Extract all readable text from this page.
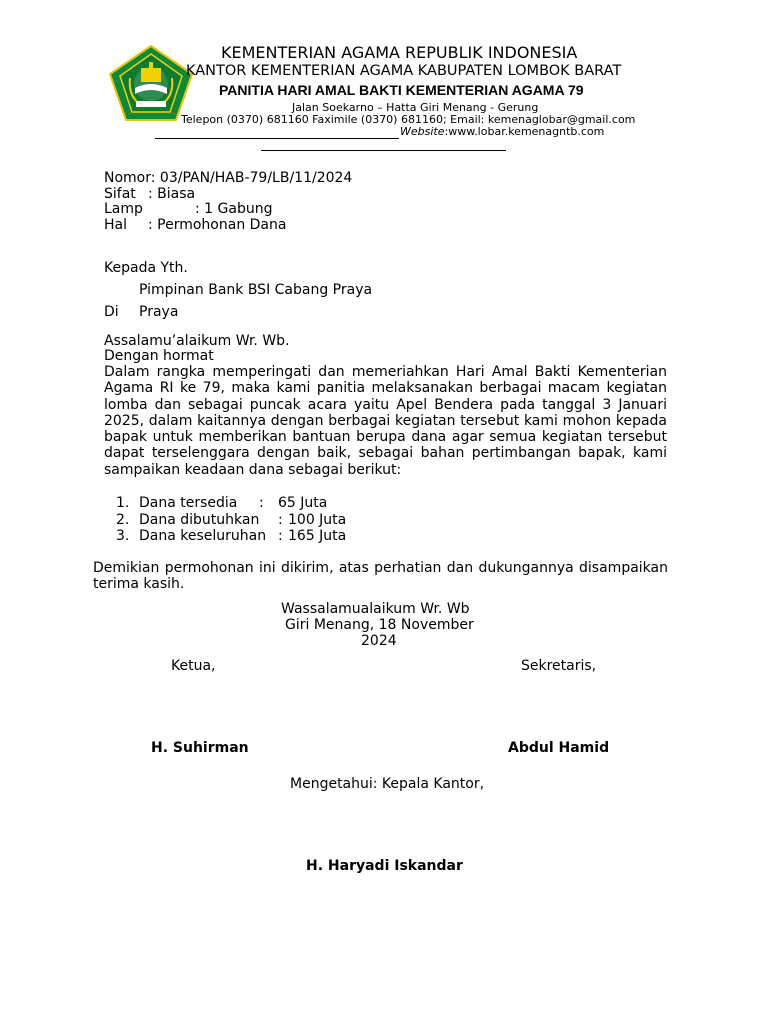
KEMENTERIAN AGAMA REPUBLIK INDONESIA
KANTOR KEMENTERIAN AGAMA KABUPATEN LOMBOK BARAT
PANITIA HARI AMAL BAKTI KEMENTERIAN AGAMA 79
Jalan Soekarno – Hatta Giri Menang - Gerung
Telepon (0370) 681160 Faximile (0370) 681160; Email: kemenaglobar@gmail.com
Website:www.lobar.kemenagntb.com
Nomor: 03/PAN/HAB-79/LB/11/2024
Sifat : Biasa
Lamp	: 1 Gabung
Hal : Permohonan Dana
Kepada Yth.
Pimpinan Bank BSI Cabang Praya
Di Praya
Assalamu’alaikum Wr. Wb.
Dengan hormat
Dalam rangka memperingati dan memeriahkan Hari Amal Bakti Kementerian Agama RI ke 79, maka kami panitia melaksanakan berbagai macam kegiatan lomba dan sebagai puncak acara yaitu Apel Bendera pada tanggal 3 Januari 2025, dalam kaitannya dengan berbagai kegiatan tersebut kami mohon kepada bapak untuk memberikan bantuan berupa dana agar semua kegiatan tersebut dapat terselenggara dengan baik, sebagai bahan pertimbangan bapak, kami sampaikan keadaan dana sebagai berikut:
1. Dana tersedia : 65 Juta
2. Dana dibutuhkan : 100 Juta
3. Dana keseluruhan : 165 Juta
Demikian permohonan ini dikirim, atas perhatian dan dukungannya disampaikan terima kasih.
Wassalamualaikum Wr. Wb
Giri Menang, 18 November
2024
Ketua,	Sekretaris,
H. Suhirman	Abdul Hamid
Mengetahui: Kepala Kantor,
H. Haryadi Iskandar
